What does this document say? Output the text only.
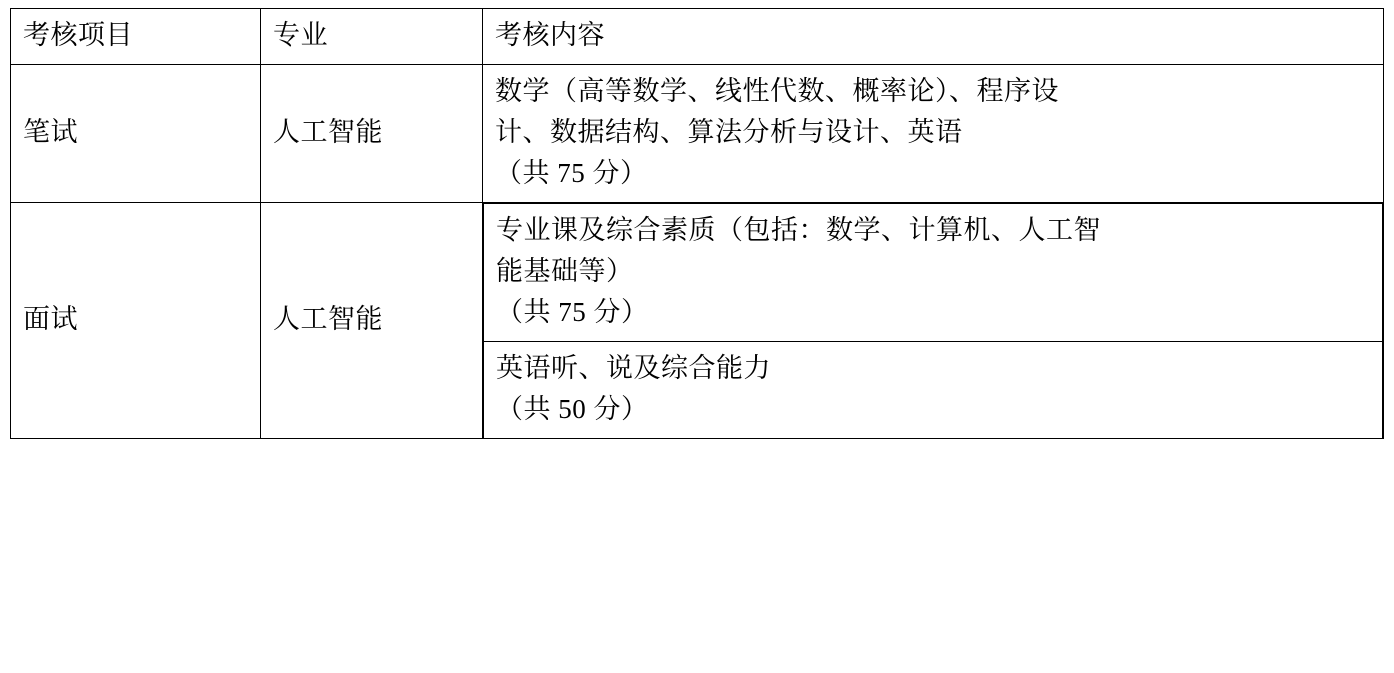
考核项目	专业	考核内容
笔试	人工智能	
数学（高等数学、线性代数、概率论）、程序设
计、数据结构、算法分析与设计、英语
（共 75 分）

面试	人工智能	
专业课及综合素质（包括：数学、计算机、人工智
能基础等）
（共 75 分）

英语听、说及综合能力
（共 50 分）
